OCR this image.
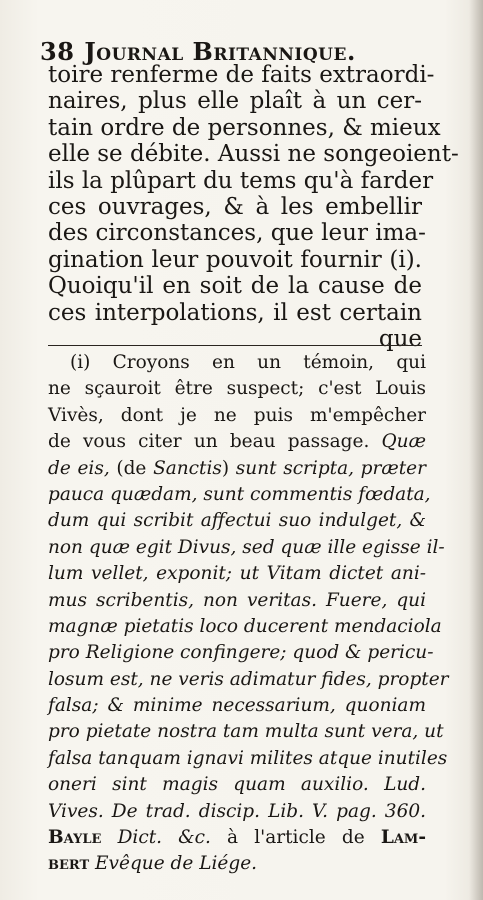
38 Journal Britannique.
toire renferme de faits extraordi-
naires, plus elle plaît à un cer-
tain ordre de personnes, & mieux
elle se débite. Aussi ne songeoient-
ils la plûpart du tems qu'à farder
ces ouvrages, & à les embellir
des circonstances, que leur ima-
gination leur pouvoit fournir (i).
Quoiqu'il en soit de la cause de
ces interpolations, il est certain
que
(i) Croyons en un témoin, qui
ne sçauroit être suspect; c'est Louis
Vivès, dont je ne puis m'empêcher
de vous citer un beau passage. Quæ
de eis, (de Sanctis) sunt scripta, præter
pauca quædam, sunt commentis fœdata,
dum qui scribit affectui suo indulget, &
non quæ egit Divus, sed quæ ille egisse il-
lum vellet, exponit; ut Vitam dictet ani-
mus scribentis, non veritas. Fuere, qui
magnæ pietatis loco ducerent mendaciola
pro Religione confingere; quod & pericu-
losum est, ne veris adimatur fides, propter
falsa; & minime necessarium, quoniam
pro pietate nostra tam multa sunt vera, ut
falsa tanquam ignavi milites atque inutiles
oneri sint magis quam auxilio. Lud.
Vives. De trad. discip. Lib. V. pag. 360.
Bayle Dict. &c. à l'article de Lam-
bert Evêque de Liége.
